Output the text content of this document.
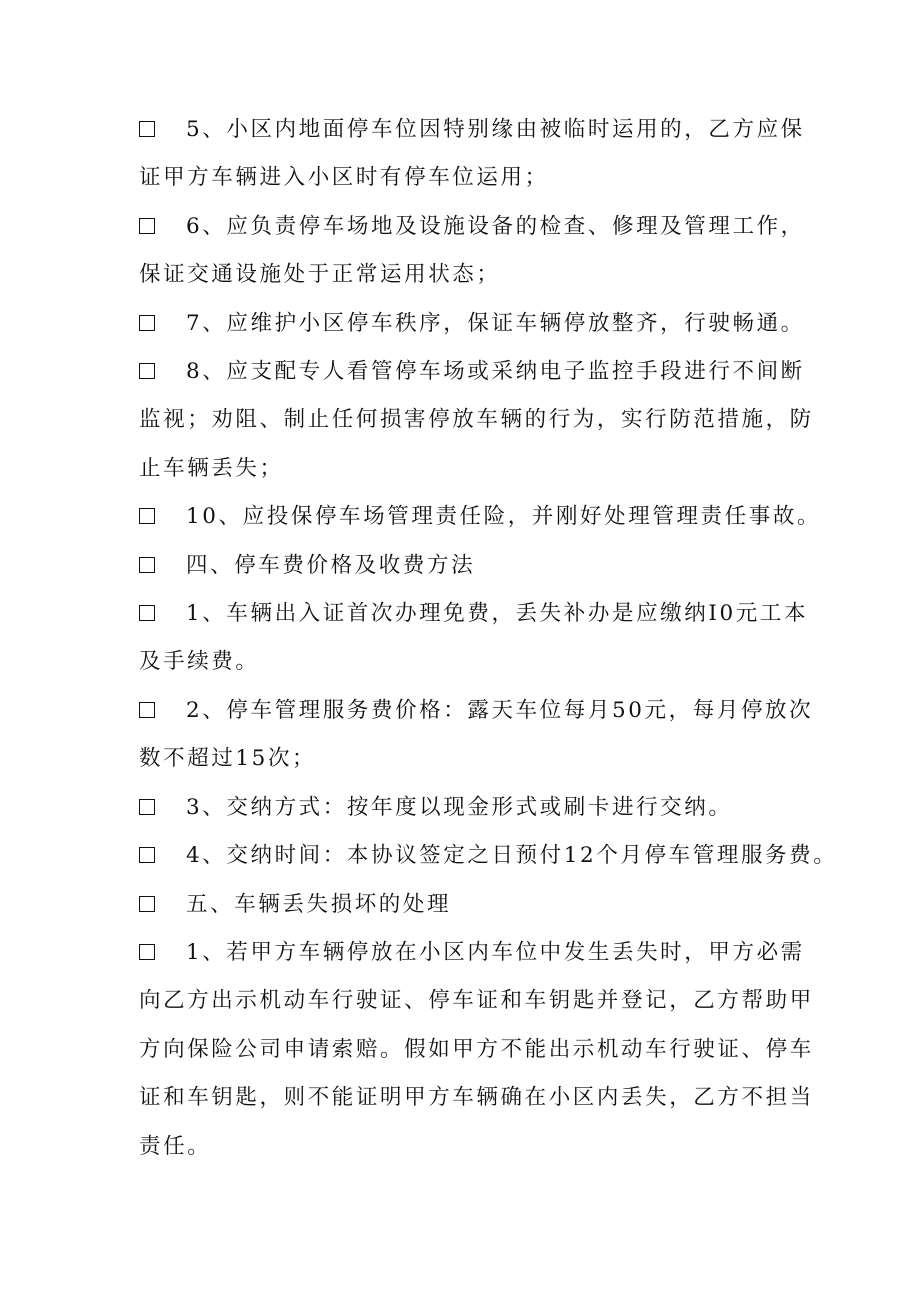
5、小区内地面停车位因特别缘由被临时运用的，乙方应保
证甲方车辆进入小区时有停车位运用；

6、应负责停车场地及设施设备的检查、修理及管理工作，
保证交通设施处于正常运用状态；

7、应维护小区停车秩序，保证车辆停放整齐，行驶畅通。

8、应支配专人看管停车场或采纳电子监控手段进行不间断
监视；劝阻、制止任何损害停放车辆的行为，实行防范措施，防
止车辆丢失；

10、应投保停车场管理责任险，并刚好处理管理责任事故。

四、停车费价格及收费方法

1、车辆出入证首次办理免费，丢失补办是应缴纳I0元工本
及手续费。

2、停车管理服务费价格：露天车位每月50元，每月停放次
数不超过15次；

3、交纳方式：按年度以现金形式或刷卡进行交纳。

4、交纳时间：本协议签定之日预付12个月停车管理服务费。

五、车辆丢失损坏的处理

1、若甲方车辆停放在小区内车位中发生丢失时，甲方必需
向乙方出示机动车行驶证、停车证和车钥匙并登记，乙方帮助甲
方向保险公司申请索赔。假如甲方不能出示机动车行驶证、停车
证和车钥匙，则不能证明甲方车辆确在小区内丢失，乙方不担当
责任。
